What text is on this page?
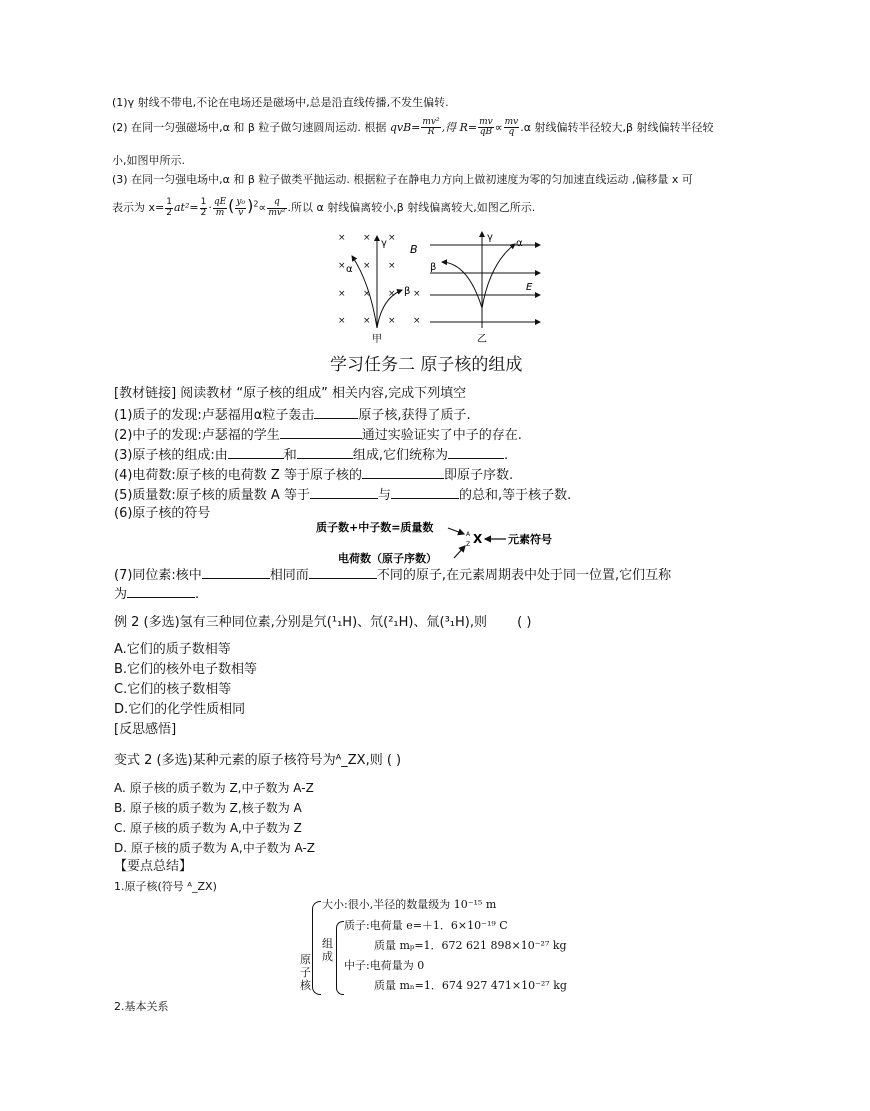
(1)γ 射线不带电,不论在电场还是磁场中,总是沿直线传播,不发生偏转.
(2) 在同一匀强磁场中,α 和 β 粒子做匀速圆周运动. 根据 $qvB= \frac{\text{mv²}}{R}$ ,得 $R= \frac{mv}{qB} \propto \frac{mv}{q} .\alpha$ 射线偏转半径较大,β 射线偏转半径较
小,如图甲所示.
(3) 在同一匀强电场中,α 和 β 粒子做类平抛运动. 根据粒子在静电力方向上做初速度为零的匀加速直线运动 ,偏移量 x 可
表示为 $x= \frac{1}{2} at^2= \frac{1}{2} \cdot \frac{qE}{m}$ ( $\frac{\text{y₀}}{v} )^2\propto \frac{q}{\text{mv²}}$ .所以 α 射线偏离较小,β 射线偏离较大,如图乙所示.
× × ×
× × ×
× × × ×
× × × ×
B
γ
α
β
甲
E
γ
α
β
乙
学习任务二 原子核的组成
[教材链接] 阅读教材 “原子核的组成” 相关内容,完成下列填空
(1)质子的发现:卢瑟福用α粒子轰击	原子核,获得了质子.
(2)中子的发现:卢瑟福的学生	通过实验证实了中子的存在.
(3)原子核的组成:由	和	组成,它们统称为	.
(4)电荷数:原子核的电荷数 Z 等于原子核的	即原子序数.
(5)质量数:原子核的质量数 A 等于	与	的总和,等于核子数.
(6)原子核的符号
质子数+中子数=质量数
A
Z X 元素符号
电荷数（原子序数）
(7)同位素:核中	相同而	不同的原子,在元素周期表中处于同一位置,它们互称
为	.
例 2 (多选)氢有三种同位素,分别是氕(¹₁H)、氘(²₁H)、氚(³₁H),则 ( )
A.它们的质子数相等
B.它们的核外电子数相等
C.它们的核子数相等
D.它们的化学性质相同
[反思感悟]
变式 2 (多选)某种元素的原子核符号为ᴬ_ZX,则 ( )
A. 原子核的质子数为 Z,中子数为 A-Z
B. 原子核的质子数为 Z,核子数为 A
C. 原子核的质子数为 A,中子数为 Z
D. 原子核的质子数为 A,中子数为 A-Z
【要点总结】
1.原子核(符号 ᴬ_ZX)
原子核
大小:很小,半径的数量级为 10⁻¹⁵ m
组成
质子:电荷量 e=＋1．6×10⁻¹⁹ C
质量 mₚ=1．672 621 898×10⁻²⁷ kg
中子:电荷量为 0
质量 mₙ=1．674 927 471×10⁻²⁷ kg
2.基本关系
